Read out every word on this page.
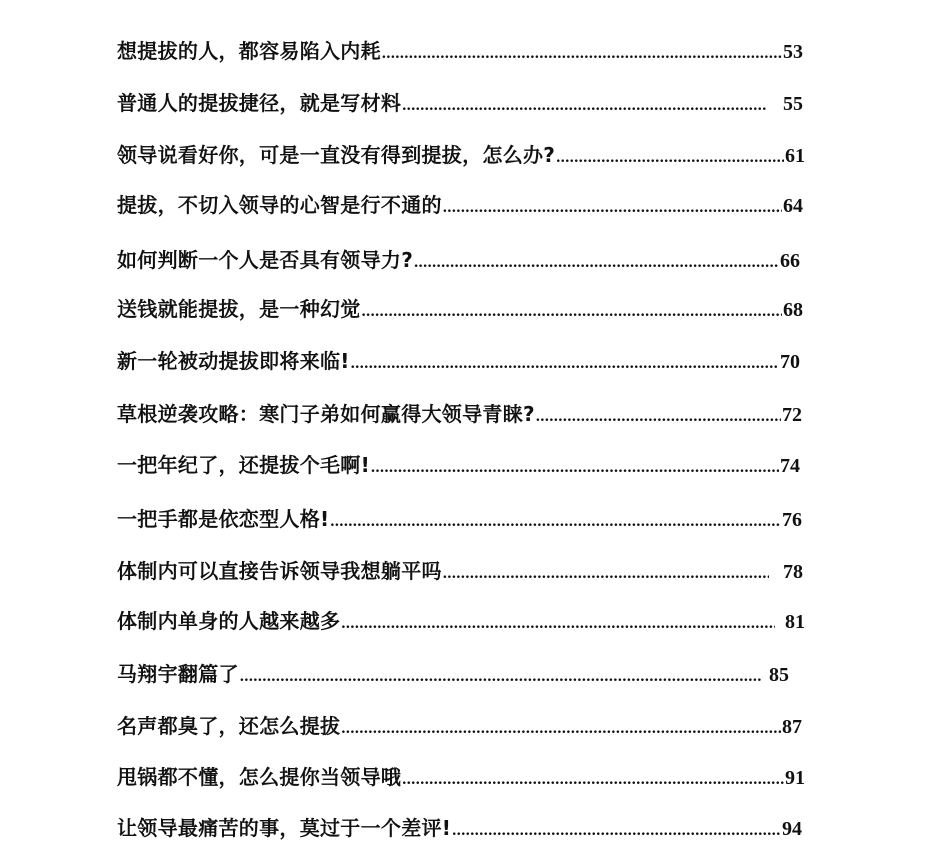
想提拔的人，都容易陷入内耗 .....	53
普通人的提拔捷径，就是写材料 .....	55
领导说看好你，可是一直没有得到提拔，怎么办? .....	61
提拔，不切入领导的心智是行不通的 .....	64
如何判断一个人是否具有领导力? .....	66
送钱就能提拔，是一种幻觉 .....	68
新一轮被动提拔即将来临! .....	70
草根逆袭攻略：寒门子弟如何赢得大领导青睐? .....	72
一把年纪了，还提拔个毛啊! .....	74
一把手都是依恋型人格! .....	76
体制内可以直接告诉领导我想躺平吗 .....	78
体制内单身的人越来越多 .....	81
马翔宇翻篇了 .....	85
名声都臭了，还怎么提拔 .....	87
甩锅都不懂，怎么提你当领导哦 .....	91
让领导最痛苦的事，莫过于一个差评! .....	94
